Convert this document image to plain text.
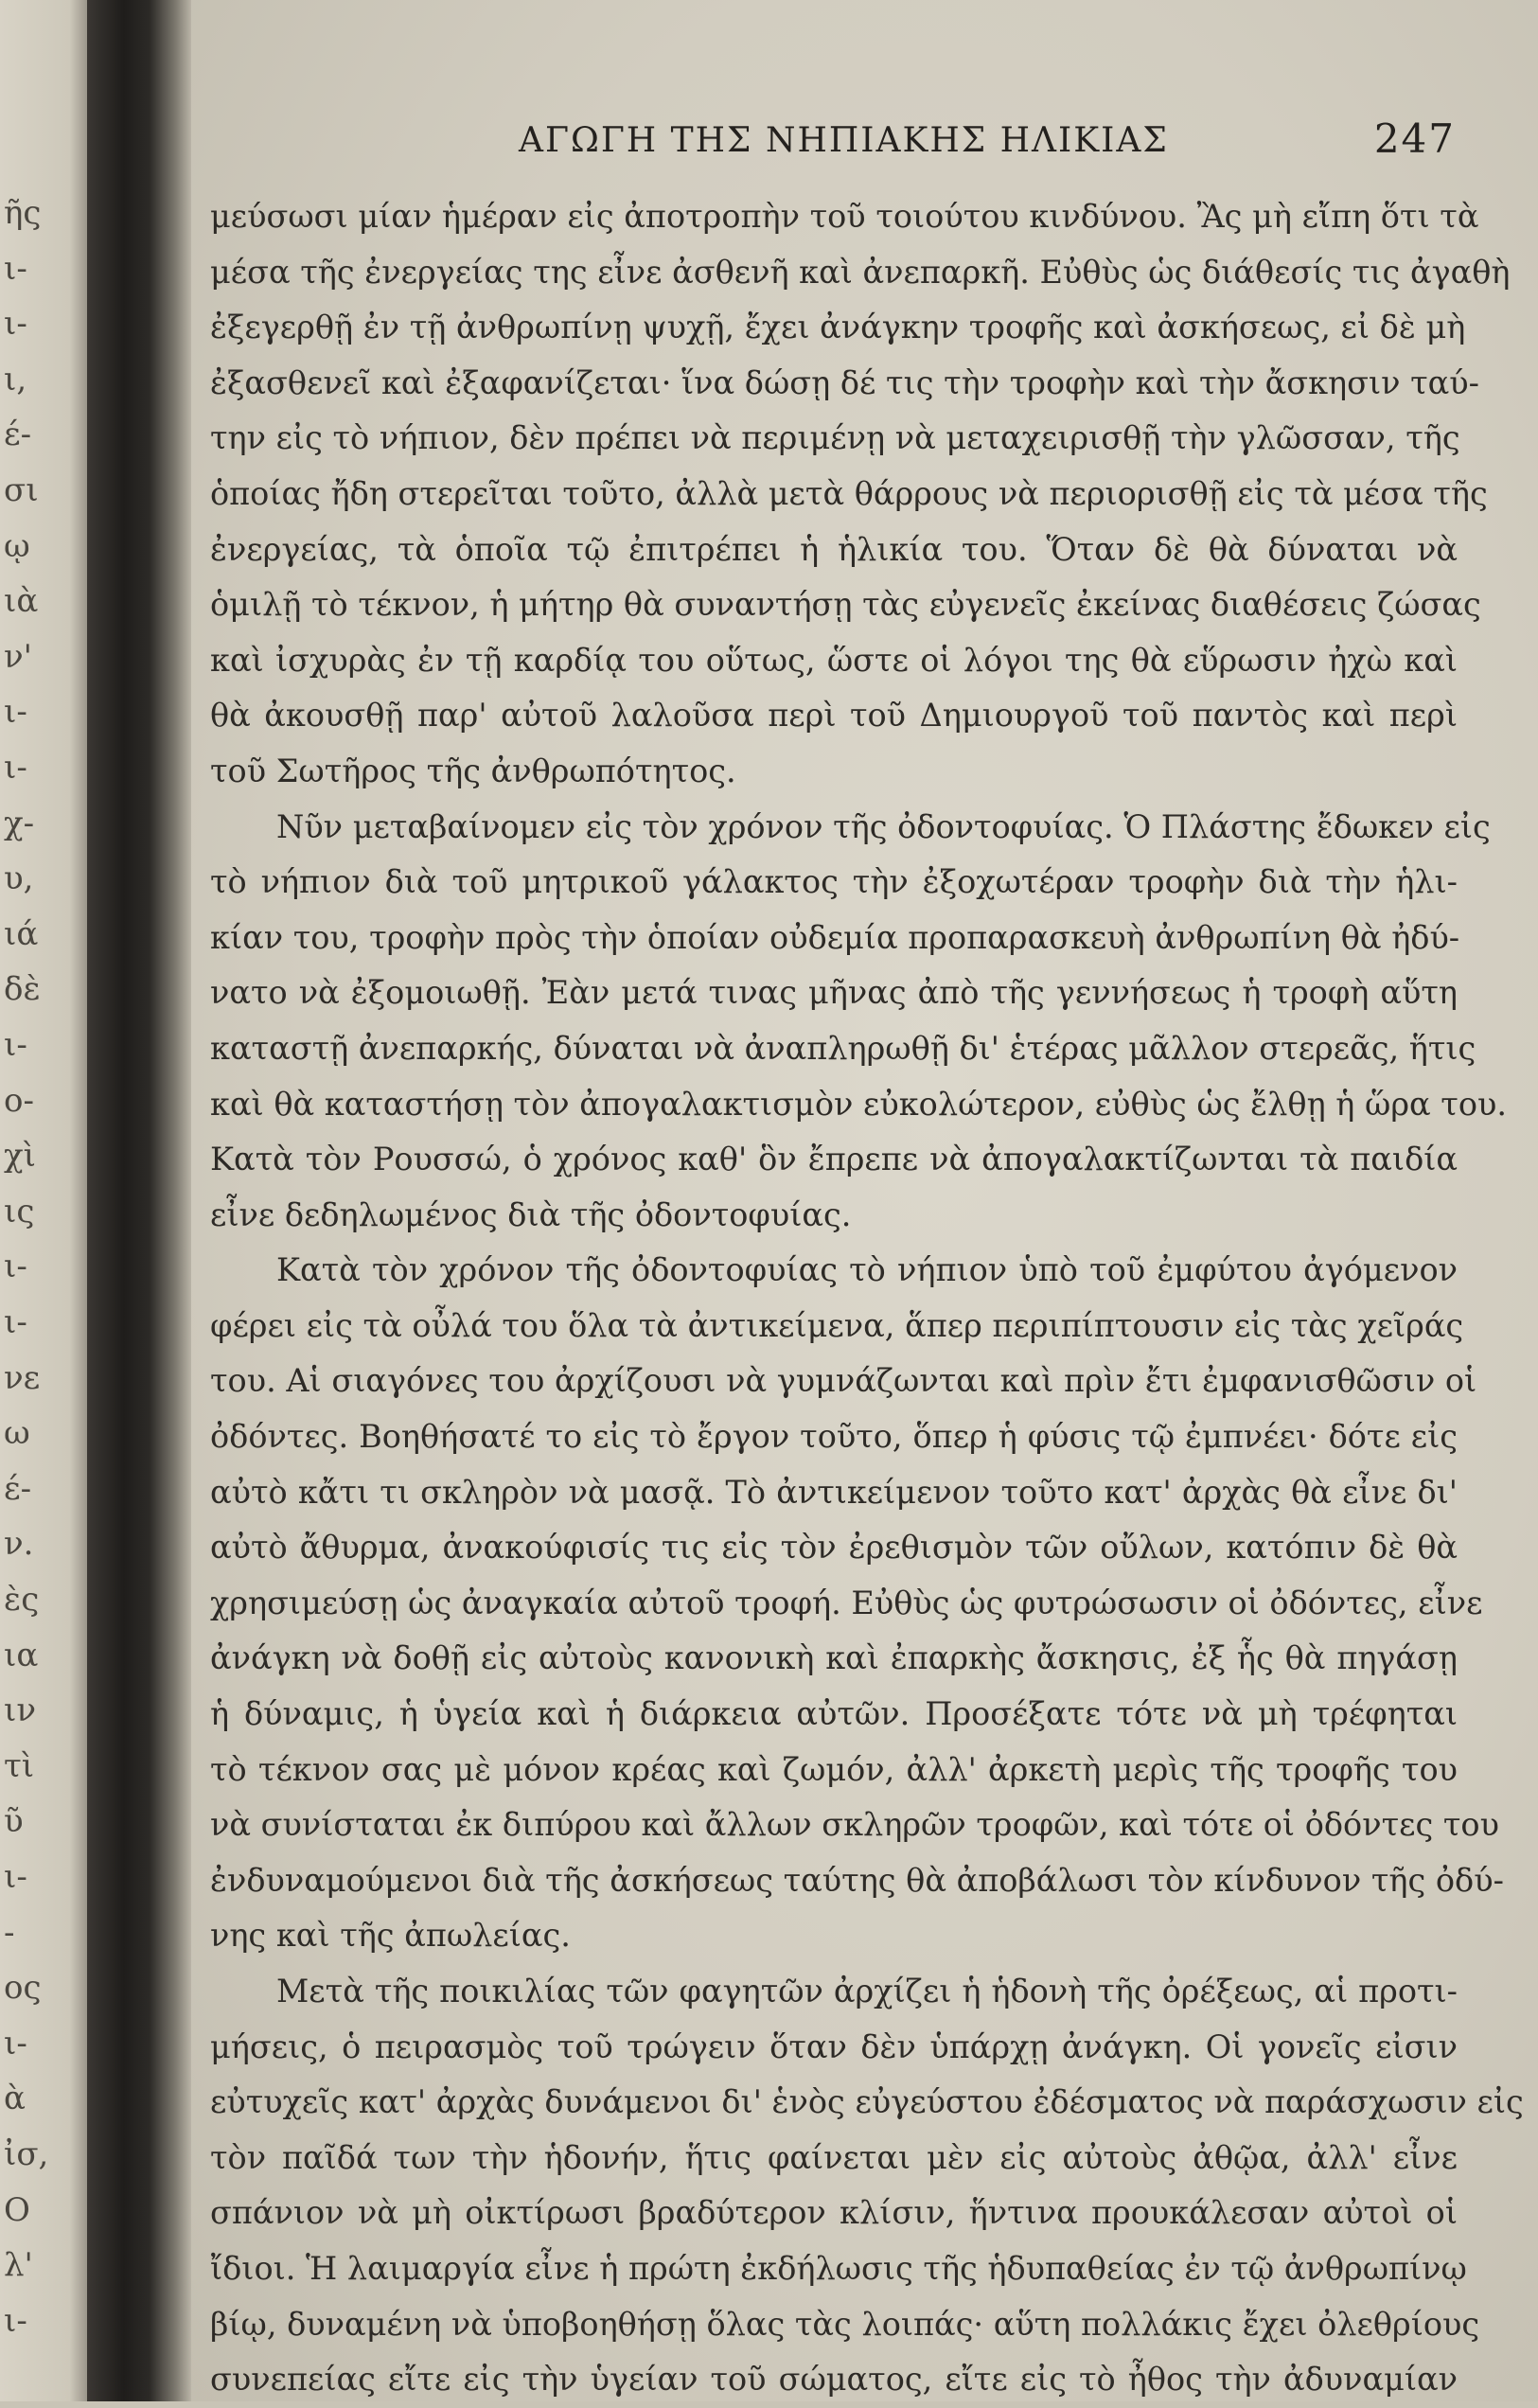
ῆς
ι-
ι-
ι,
έ-
σι
ῳ
ιὰ
ν'
ι-
ι-
χ-
υ,
ιά
δὲ
ι-
ο-
χὶ
ις
ι-
ι-
νε
ω
έ-
ν.
ὲς
ια
ιν
τὶ
ῦ
ι-
-
ος
ι-
ὰ
ἰσ,
Ο
λ'
ι-
ΑΓΩΓΗ ΤΗΣ ΝΗΠΙΑΚΗΣ ΗΛΙΚΙΑΣ	247
μεύσωσι μίαν ἡμέραν εἰς ἀποτροπὴν τοῦ τοιούτου κινδύνου. Ἂς μὴ εἴπη ὅτι τὰ
μέσα τῆς ἐνεργείας της εἶνε ἀσθενῆ καὶ ἀνεπαρκῆ. Εὐθὺς ὡς διάθεσίς τις ἀγαθὴ
ἐξεγερθῇ ἐν τῇ ἀνθρωπίνῃ ψυχῇ, ἔχει ἀνάγκην τροφῆς καὶ ἀσκήσεως, εἰ δὲ μὴ
ἐξασθενεῖ καὶ ἐξαφανίζεται· ἵνα δώσῃ δέ τις τὴν τροφὴν καὶ τὴν ἄσκησιν ταύ-
την εἰς τὸ νήπιον, δὲν πρέπει νὰ περιμένῃ νὰ μεταχειρισθῇ τὴν γλῶσσαν, τῆς
ὁποίας ἤδη στερεῖται τοῦτο, ἀλλὰ μετὰ θάρρους νὰ περιορισθῇ εἰς τὰ μέσα τῆς
ἐνεργείας, τὰ ὁποῖα τῷ ἐπιτρέπει ἡ ἡλικία του. Ὅταν δὲ θὰ δύναται νὰ
ὁμιλῇ τὸ τέκνον, ἡ μήτηρ θὰ συναντήσῃ τὰς εὐγενεῖς ἐκείνας διαθέσεις ζώσας
καὶ ἰσχυρὰς ἐν τῇ καρδίᾳ του οὕτως, ὥστε οἱ λόγοι της θὰ εὕρωσιν ἠχὼ καὶ
θὰ ἀκουσθῇ παρ' αὐτοῦ λαλοῦσα περὶ τοῦ Δημιουργοῦ τοῦ παντὸς καὶ περὶ
τοῦ Σωτῆρος τῆς ἀνθρωπότητος.
Νῦν μεταβαίνομεν εἰς τὸν χρόνον τῆς ὀδοντοφυίας. Ὁ Πλάστης ἔδωκεν εἰς
τὸ νήπιον διὰ τοῦ μητρικοῦ γάλακτος τὴν ἐξοχωτέραν τροφὴν διὰ τὴν ἡλι-
κίαν του, τροφὴν πρὸς τὴν ὁποίαν οὐδεμία προπαρασκευὴ ἀνθρωπίνη θὰ ἠδύ-
νατο νὰ ἐξομοιωθῇ. Ἐὰν μετά τινας μῆνας ἀπὸ τῆς γεννήσεως ἡ τροφὴ αὕτη
καταστῇ ἀνεπαρκής, δύναται νὰ ἀναπληρωθῇ δι' ἑτέρας μᾶλλον στερεᾶς, ἥτις
καὶ θὰ καταστήσῃ τὸν ἀπογαλακτισμὸν εὐκολώτερον, εὐθὺς ὡς ἔλθῃ ἡ ὥρα του.
Κατὰ τὸν Ρουσσώ, ὁ χρόνος καθ' ὃν ἔπρεπε νὰ ἀπογαλακτίζωνται τὰ παιδία
εἶνε δεδηλωμένος διὰ τῆς ὀδοντοφυίας.
Κατὰ τὸν χρόνον τῆς ὀδοντοφυίας τὸ νήπιον ὑπὸ τοῦ ἐμφύτου ἀγόμενον
φέρει εἰς τὰ οὖλά του ὅλα τὰ ἀντικείμενα, ἅπερ περιπίπτουσιν εἰς τὰς χεῖράς
του. Αἱ σιαγόνες του ἀρχίζουσι νὰ γυμνάζωνται καὶ πρὶν ἔτι ἐμφανισθῶσιν οἱ
ὀδόντες. Βοηθήσατέ το εἰς τὸ ἔργον τοῦτο, ὅπερ ἡ φύσις τῷ ἐμπνέει· δότε εἰς
αὐτὸ κἄτι τι σκληρὸν νὰ μασᾷ. Τὸ ἀντικείμενον τοῦτο κατ' ἀρχὰς θὰ εἶνε δι'
αὐτὸ ἄθυρμα, ἀνακούφισίς τις εἰς τὸν ἐρεθισμὸν τῶν οὔλων, κατόπιν δὲ θὰ
χρησιμεύσῃ ὡς ἀναγκαία αὐτοῦ τροφή. Εὐθὺς ὡς φυτρώσωσιν οἱ ὀδόντες, εἶνε
ἀνάγκη νὰ δοθῇ εἰς αὐτοὺς κανονικὴ καὶ ἐπαρκὴς ἄσκησις, ἐξ ἧς θὰ πηγάσῃ
ἡ δύναμις, ἡ ὑγεία καὶ ἡ διάρκεια αὐτῶν. Προσέξατε τότε νὰ μὴ τρέφηται
τὸ τέκνον σας μὲ μόνον κρέας καὶ ζωμόν, ἀλλ' ἀρκετὴ μερὶς τῆς τροφῆς του
νὰ συνίσταται ἐκ διπύρου καὶ ἄλλων σκληρῶν τροφῶν, καὶ τότε οἱ ὀδόντες του
ἐνδυναμούμενοι διὰ τῆς ἀσκήσεως ταύτης θὰ ἀποβάλωσι τὸν κίνδυνον τῆς ὀδύ-
νης καὶ τῆς ἀπωλείας.
Μετὰ τῆς ποικιλίας τῶν φαγητῶν ἀρχίζει ἡ ἡδονὴ τῆς ὀρέξεως, αἱ προτι-
μήσεις, ὁ πειρασμὸς τοῦ τρώγειν ὅταν δὲν ὑπάρχῃ ἀνάγκη. Οἱ γονεῖς εἰσιν
εὐτυχεῖς κατ' ἀρχὰς δυνάμενοι δι' ἑνὸς εὐγεύστου ἐδέσματος νὰ παράσχωσιν εἰς
τὸν παῖδά των τὴν ἡδονήν, ἥτις φαίνεται μὲν εἰς αὐτοὺς ἀθῷα, ἀλλ' εἶνε
σπάνιον νὰ μὴ οἰκτίρωσι βραδύτερον κλίσιν, ἥντινα προυκάλεσαν αὐτοὶ οἱ
ἴδιοι. Ἡ λαιμαργία εἶνε ἡ πρώτη ἐκδήλωσις τῆς ἡδυπαθείας ἐν τῷ ἀνθρωπίνῳ
βίῳ, δυναμένη νὰ ὑποβοηθήσῃ ὅλας τὰς λοιπάς· αὕτη πολλάκις ἔχει ὀλεθρίους
συνεπείας εἴτε εἰς τὴν ὑγείαν τοῦ σώματος, εἴτε εἰς τὸ ἦθος τὴν ἀδυναμίαν
